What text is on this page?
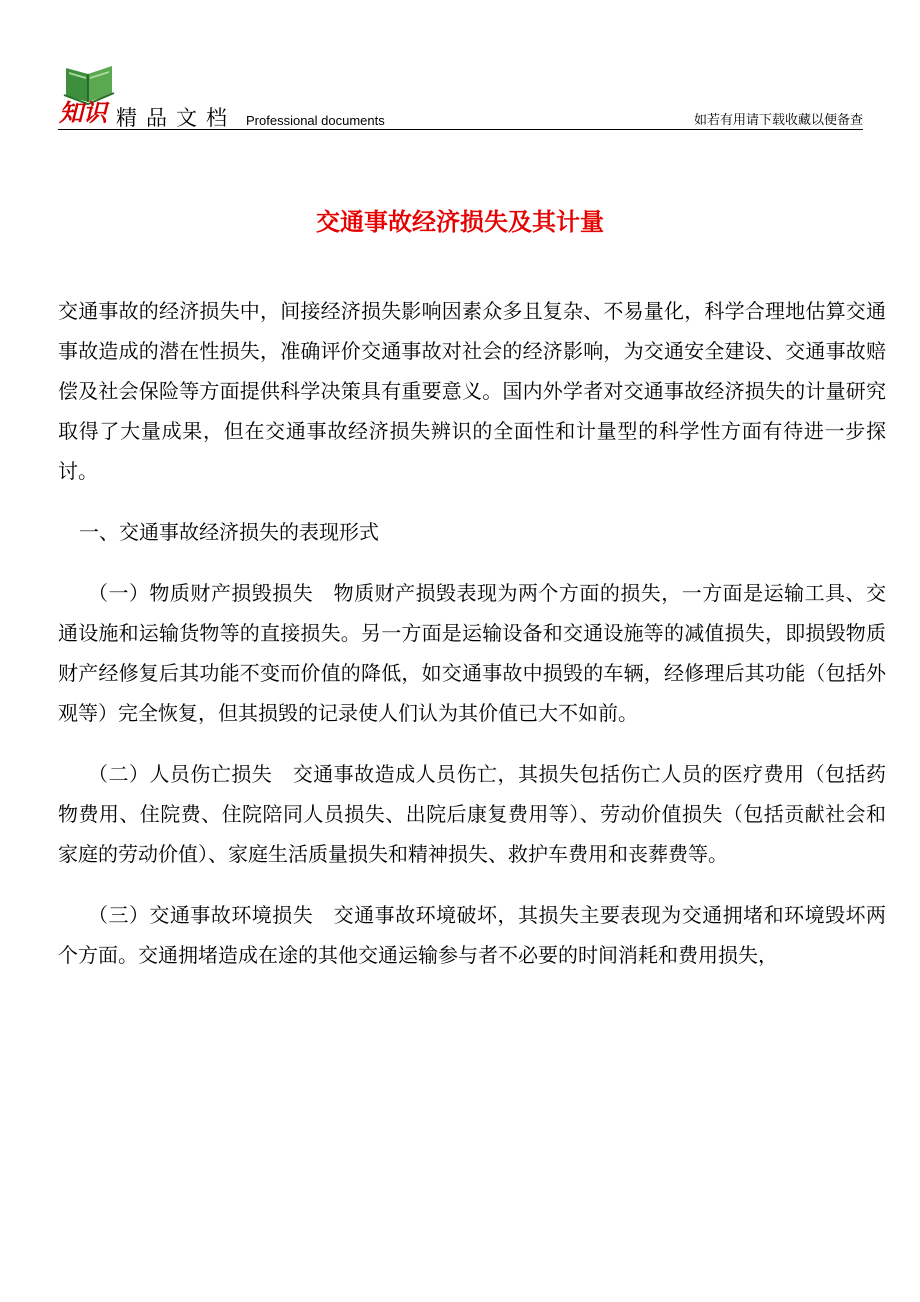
知识 精品文档 Professional documents	如若有用请下载收藏以便备查
交通事故经济损失及其计量

交通事故的经济损失中，间接经济损失影响因素众多且复杂、不易量化，科学合理地估算交通事故造成的潜在性损失，准确评价交通事故对社会的经济影响，为交通安全建设、交通事故赔偿及社会保险等方面提供科学决策具有重要意义。国内外学者对交通事故经济损失的计量研究取得了大量成果，但在交通事故经济损失辨识的全面性和计量型的科学性方面有待进一步探讨。

一、交通事故经济损失的表现形式

（一）物质财产损毁损失　物质财产损毁表现为两个方面的损失，一方面是运输工具、交通设施和运输货物等的直接损失。另一方面是运输设备和交通设施等的减值损失，即损毁物质财产经修复后其功能不变而价值的降低，如交通事故中损毁的车辆，经修理后其功能（包括外观等）完全恢复，但其损毁的记录使人们认为其价值已大不如前。

（二）人员伤亡损失　交通事故造成人员伤亡，其损失包括伤亡人员的医疗费用（包括药物费用、住院费、住院陪同人员损失、出院后康复费用等）、劳动价值损失（包括贡献社会和家庭的劳动价值）、家庭生活质量损失和精神损失、救护车费用和丧葬费等。

（三）交通事故环境损失　交通事故环境破坏，其损失主要表现为交通拥堵和环境毁坏两个方面。交通拥堵造成在途的其他交通运输参与者不必要的时间消耗和费用损失，
